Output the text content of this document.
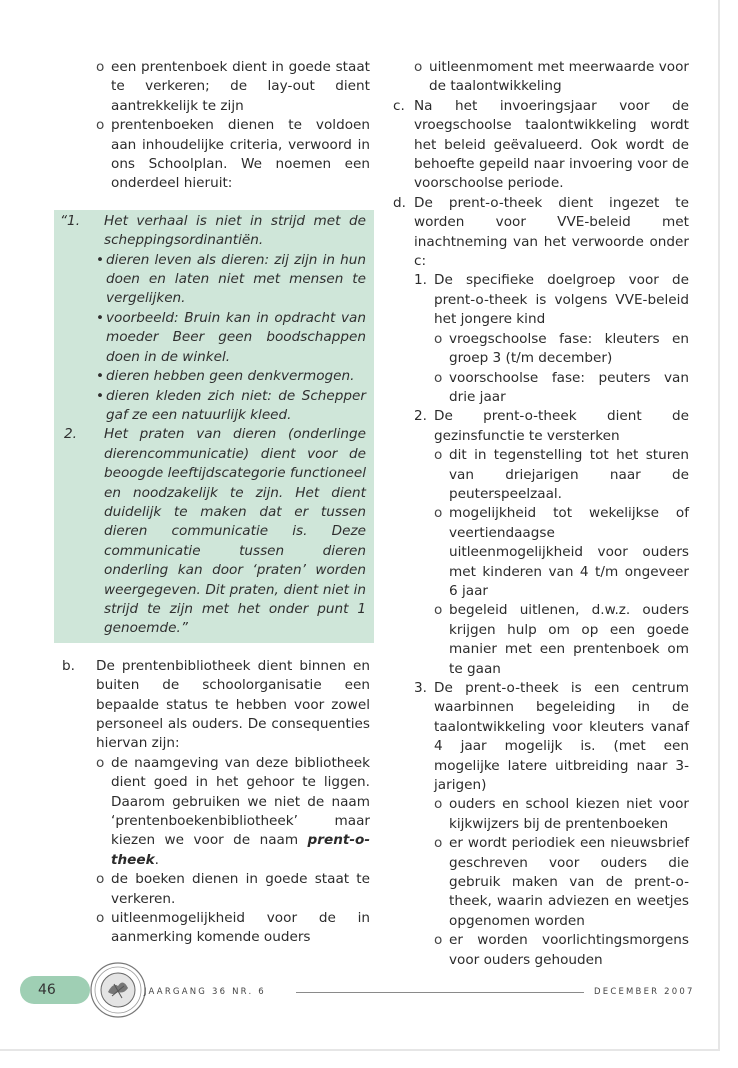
o een prentenboek dient in goede staat te verkeren; de lay-out dient aantrekkelijk te zijn
o prentenboeken dienen te voldoen aan inhoudelijke criteria, verwoord in ons Schoolplan. We noemen een onderdeel hieruit:
“1.	Het verhaal is niet in strijd met de scheppingsordinantiën.
• dieren leven als dieren: zij zijn in hun doen en laten niet met mensen te vergelijken.
• voorbeeld: Bruin kan in opdracht van moeder Beer geen boodschappen doen in de winkel.
• dieren hebben geen denkvermogen.
• dieren kleden zich niet: de Schepper gaf ze een natuurlijk kleed.
2.	Het praten van dieren (onderlinge dierencommunicatie) dient voor de beoogde leeftijdscategorie functioneel en noodzakelijk te zijn. Het dient duidelijk te maken dat er tussen dieren communicatie is. Deze communicatie tussen dieren onderling kan door ‘praten’ worden weergegeven. Dit praten, dient niet in strijd te zijn met het onder punt 1 genoemde.”
b.	De prentenbibliotheek dient binnen en buiten de schoolorganisatie een bepaalde status te hebben voor zowel personeel als ouders. De consequenties hiervan zijn:
o de naamgeving van deze bibliotheek dient goed in het gehoor te liggen. Daarom gebruiken we niet de naam ‘prentenboekenbibliotheek’ maar kiezen we voor de naam prent-o-theek.
o de boeken dienen in goede staat te verkeren.
o uitleenmogelijkheid voor de in aanmerking komende ouders
o uitleenmoment met meerwaarde voor de taalontwikkeling
c. Na het invoeringsjaar voor de vroegschoolse taalontwikkeling wordt het beleid geëvalueerd. Ook wordt de behoefte gepeild naar invoering voor de voorschoolse periode.
d. De prent-o-theek dient ingezet te worden voor VVE-beleid met inachtneming van het verwoorde onder c:
1. De specifieke doelgroep voor de prent-o-theek is volgens VVE-beleid het jongere kind
o vroegschoolse fase: kleuters en groep 3 (t/m december)
o voorschoolse fase: peuters van drie jaar
2. De prent-o-theek dient de gezinsfunctie te versterken
o dit in tegenstelling tot het sturen van driejarigen naar de peuterspeelzaal.
o mogelijkheid tot wekelijkse of veertiendaagse uitleenmogelijkheid voor ouders met kinderen van 4 t/m ongeveer 6 jaar
o begeleid uitlenen, d.w.z. ouders krijgen hulp om op een goede manier met een prentenboek om te gaan
3. De prent-o-theek is een centrum waarbinnen begeleiding in de taalontwikkeling voor kleuters vanaf 4 jaar mogelijk is. (met een mogelijke latere uitbreiding naar 3-jarigen)
o ouders en school kiezen niet voor kijkwijzers bij de prentenboeken
o er wordt periodiek een nieuwsbrief geschreven voor ouders die gebruik maken van de prent-o-theek, waarin adviezen en weetjes opgenomen worden
o er worden voorlichtingsmorgens voor ouders gehouden
46	JAARGANG 36 NR. 6	DECEMBER 2007
